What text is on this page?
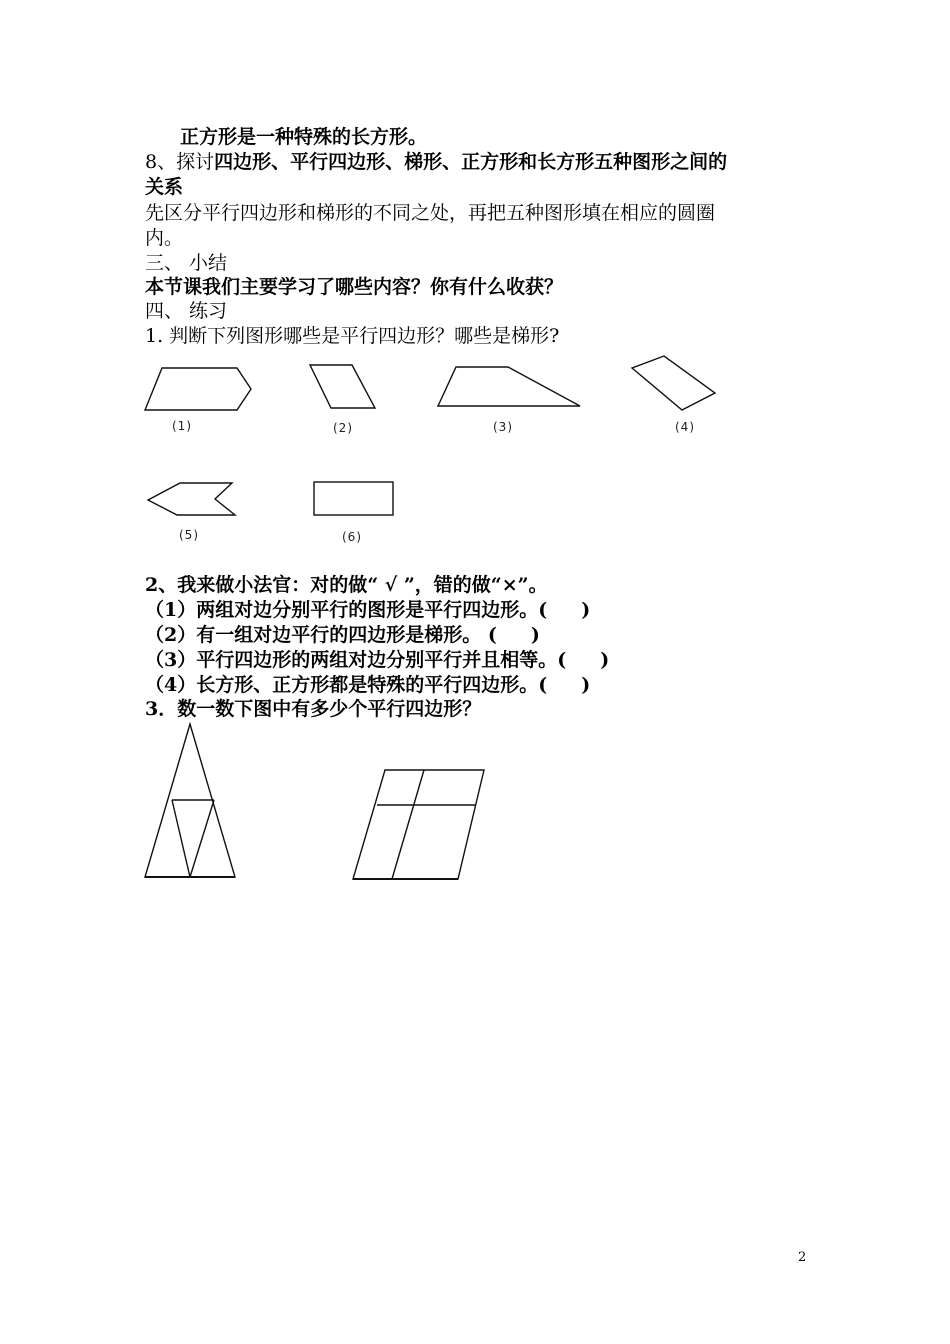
正方形是一种特殊的长方形。
8、探讨四边形、平行四边形、梯形、正方形和长方形五种图形之间的
关系
先区分平行四边形和梯形的不同之处，再把五种图形填在相应的圆圈
内。
三、 小结
本节课我们主要学习了哪些内容？你有什么收获？
四、 练习
1. 判断下列图形哪些是平行四边形？哪些是梯形?
(1)	(2)	(3)	(4)
(5)	(6)
2、我来做小法官：对的做“ √ ”，错的做“×”。
（1）两组对边分别平行的图形是平行四边形。( )
（2）有一组对边平行的四边形是梯形。 ( )
（3）平行四边形的两组对边分别平行并且相等。( )
（4）长方形、正方形都是特殊的平行四边形。( )
3．数一数下图中有多少个平行四边形？
2
